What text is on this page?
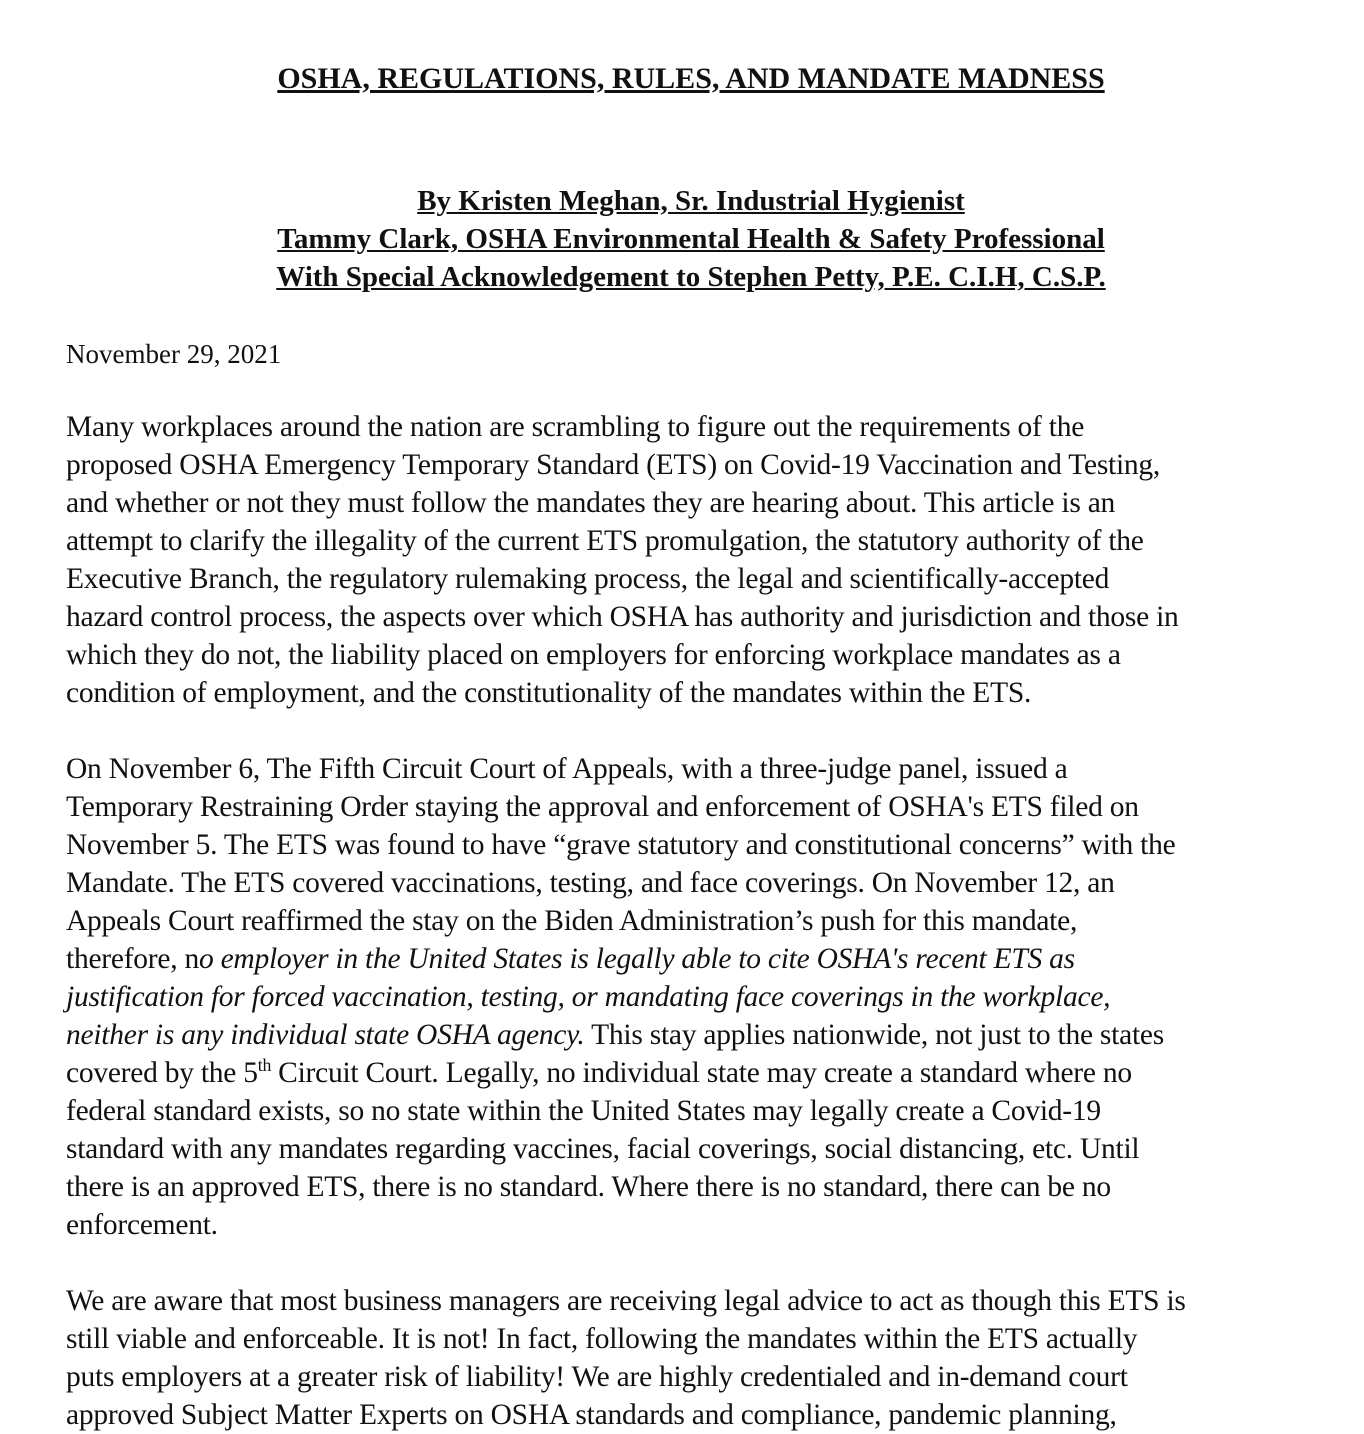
OSHA, REGULATIONS, RULES, AND MANDATE MADNESS
By Kristen Meghan, Sr. Industrial Hygienist
Tammy Clark, OSHA Environmental Health & Safety Professional
With Special Acknowledgement to Stephen Petty, P.E. C.I.H, C.S.P.
November 29, 2021
Many workplaces around the nation are scrambling to figure out the requirements of the
proposed OSHA Emergency Temporary Standard (ETS) on Covid-19 Vaccination and Testing,
and whether or not they must follow the mandates they are hearing about. This article is an
attempt to clarify the illegality of the current ETS promulgation, the statutory authority of the
Executive Branch, the regulatory rulemaking process, the legal and scientifically-accepted
hazard control process, the aspects over which OSHA has authority and jurisdiction and those in
which they do not, the liability placed on employers for enforcing workplace mandates as a
condition of employment, and the constitutionality of the mandates within the ETS.
On November 6, The Fifth Circuit Court of Appeals, with a three-judge panel, issued a
Temporary Restraining Order staying the approval and enforcement of OSHA's ETS filed on
November 5. The ETS was found to have “grave statutory and constitutional concerns” with the
Mandate. The ETS covered vaccinations, testing, and face coverings. On November 12, an
Appeals Court reaffirmed the stay on the Biden Administration’s push for this mandate,
therefore, no employer in the United States is legally able to cite OSHA's recent ETS as
justification for forced vaccination, testing, or mandating face coverings in the workplace,
neither is any individual state OSHA agency. This stay applies nationwide, not just to the states
covered by the 5th Circuit Court. Legally, no individual state may create a standard where no
federal standard exists, so no state within the United States may legally create a Covid-19
standard with any mandates regarding vaccines, facial coverings, social distancing, etc. Until
there is an approved ETS, there is no standard. Where there is no standard, there can be no
enforcement.
We are aware that most business managers are receiving legal advice to act as though this ETS is
still viable and enforceable. It is not! In fact, following the mandates within the ETS actually
puts employers at a greater risk of liability! We are highly credentialed and in-demand court
approved Subject Matter Experts on OSHA standards and compliance, pandemic planning,
